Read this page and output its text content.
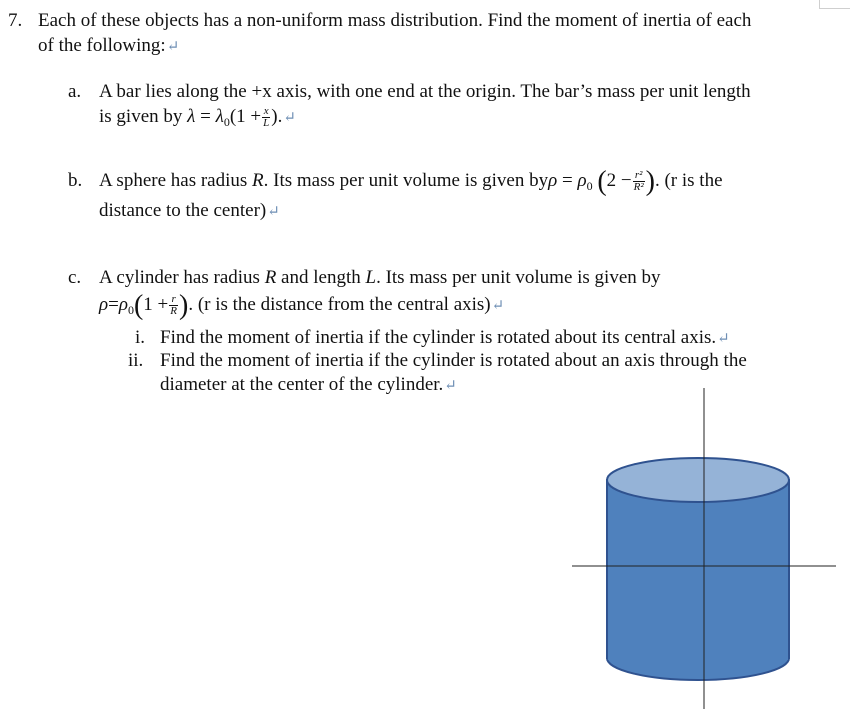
7. Each of these objects has a non-uniform mass distribution. Find the moment of inertia of each
of the following:↵
a. A bar lies along the +x axis, with one end at the origin. The bar’s mass per unit length
is given by $\lambda = \lambda_0(1 + \frac{x}{L}$ ).↵
b. A sphere has radius R. Its mass per unit volume is given $by\rho = \rho_0$ ($2 - \frac{\text{r²}}{\text{R²}}$ ). (r is the
distance to the center)↵
c. A cylinder has radius R and length L. Its mass per unit volume is given by
$\rho=\rho_0(1 + \frac{r}{R}$ ). (r is the distance from the central axis)↵
i. Find the moment of inertia if the cylinder is rotated about its central axis.↵
ii. Find the moment of inertia if the cylinder is rotated about an axis through the
diameter at the center of the cylinder.↵
